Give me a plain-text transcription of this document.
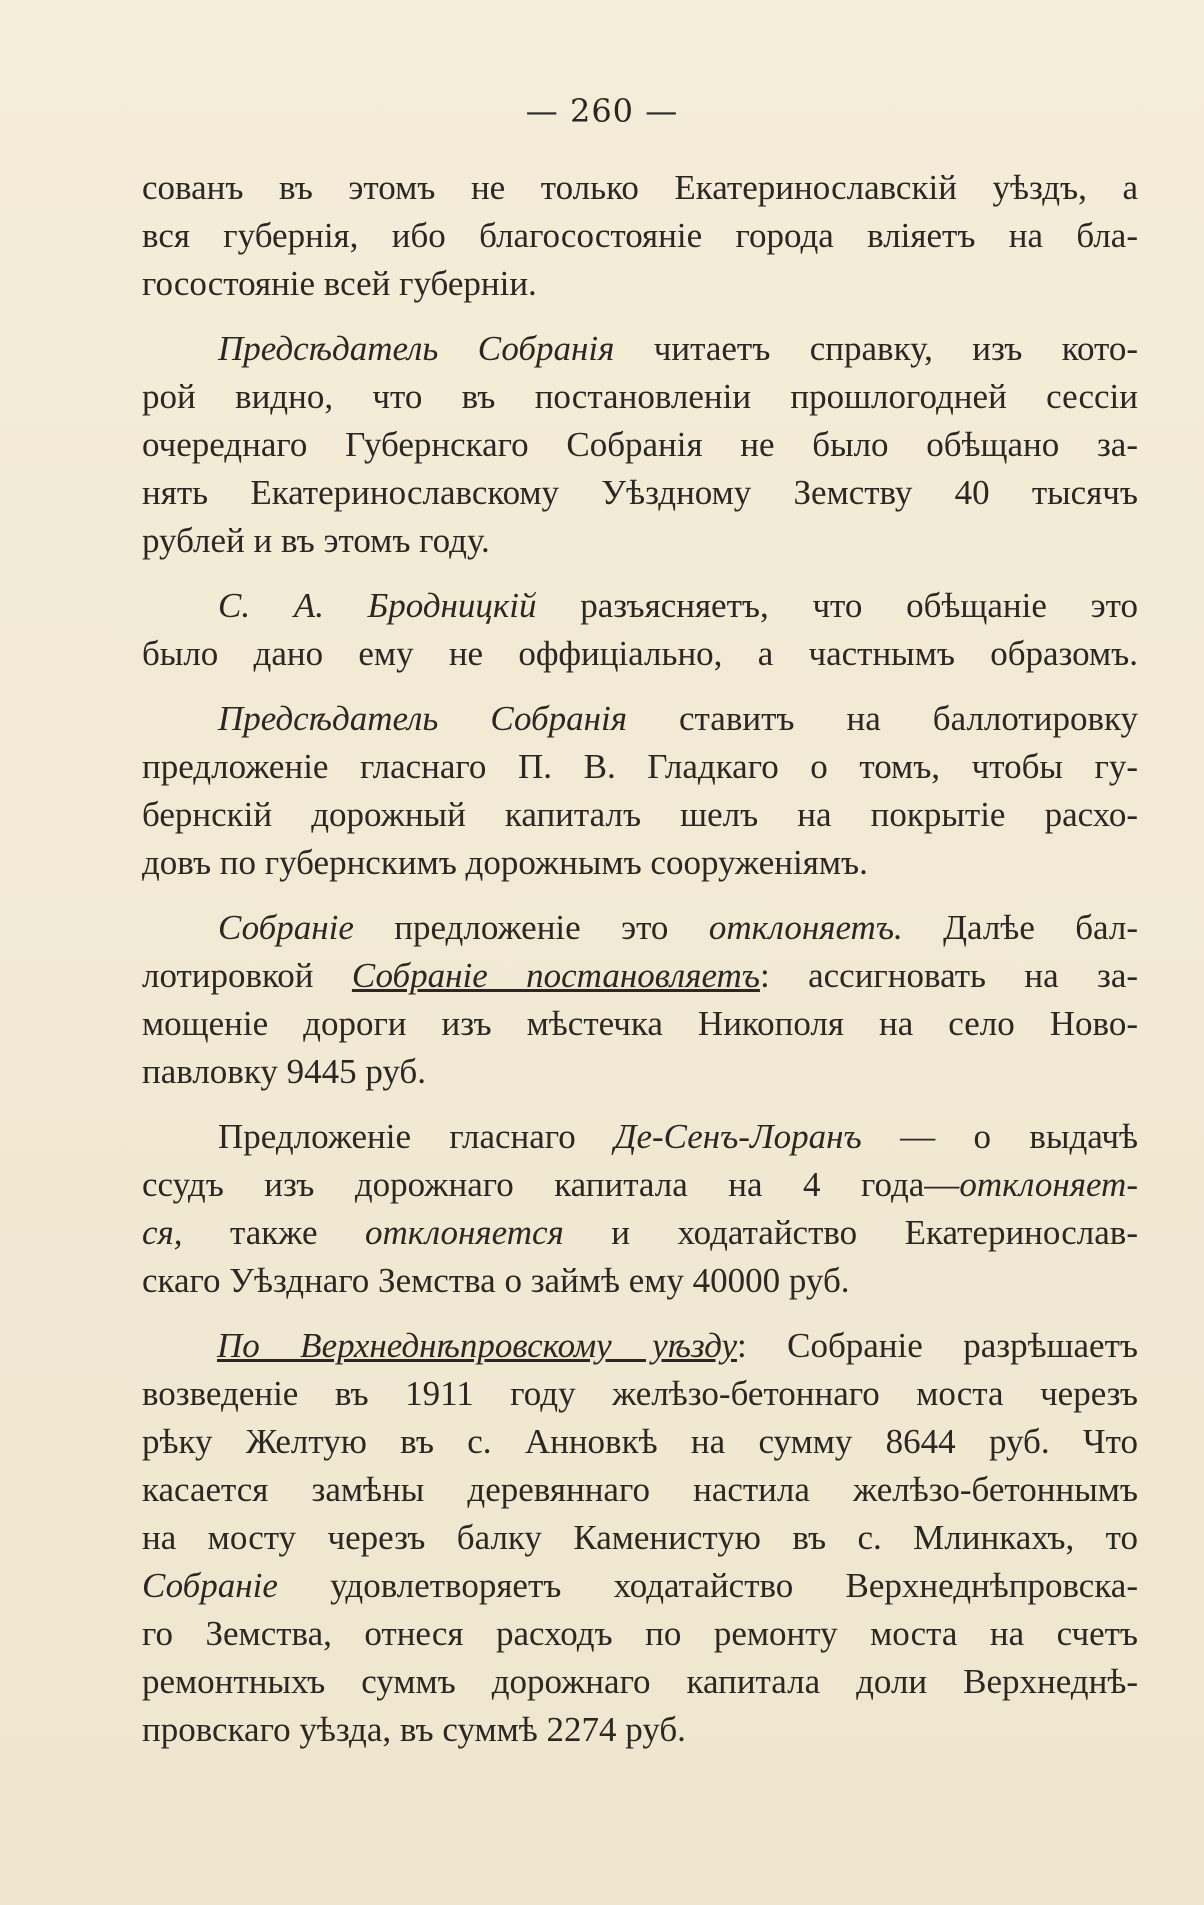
— 260 —
сованъ въ этомъ не только Екатеринославскій уѣздъ, а
вся губернія, ибо благосостояніе города вліяетъ на бла-
госостояніе всей губерніи.
Предсѣдатель Собранія читаетъ справку, изъ кото-
рой видно, что въ постановленіи прошлогодней сессіи
очереднаго Губернскаго Собранія не было обѣщано за-
нять Екатеринославскому Уѣздному Земству 40 тысячъ
рублей и въ этомъ году.
С. А. Бродницкій разъясняетъ, что обѣщаніе это
было дано ему не оффиціально, а частнымъ образомъ.
Предсѣдатель Собранія ставитъ на баллотировку
предложеніе гласнаго П. В. Гладкаго о томъ, чтобы гу-
бернскій дорожный капиталъ шелъ на покрытіе расхо-
довъ по губернскимъ дорожнымъ сооруженіямъ.
Собраніе предложеніе это отклоняетъ. Далѣе бал-
лотировкой Собраніе постановляетъ: ассигновать на за-
мощеніе дороги изъ мѣстечка Никополя на село Ново-
павловку 9445 руб.
Предложеніе гласнаго Де-Сенъ-Лоранъ — о выдачѣ
ссудъ изъ дорожнаго капитала на 4 года—отклоняет-
ся, также отклоняется и ходатайство Екатеринослав-
скаго Уѣзднаго Земства о займѣ ему 40000 руб.
По Верхнеднѣпровскому уѣзду: Собраніе разрѣшаетъ
возведеніе въ 1911 году желѣзо-бетоннаго моста черезъ
рѣку Желтую въ с. Анновкѣ на сумму 8644 руб. Что
касается замѣны деревяннаго настила желѣзо-бетоннымъ
на мосту черезъ балку Каменистую въ с. Млинкахъ, то
Собраніе удовлетворяетъ ходатайство Верхнеднѣпровска-
го Земства, отнеся расходъ по ремонту моста на счетъ
ремонтныхъ суммъ дорожнаго капитала доли Верхнеднѣ-
провскаго уѣзда, въ суммѣ 2274 руб.
